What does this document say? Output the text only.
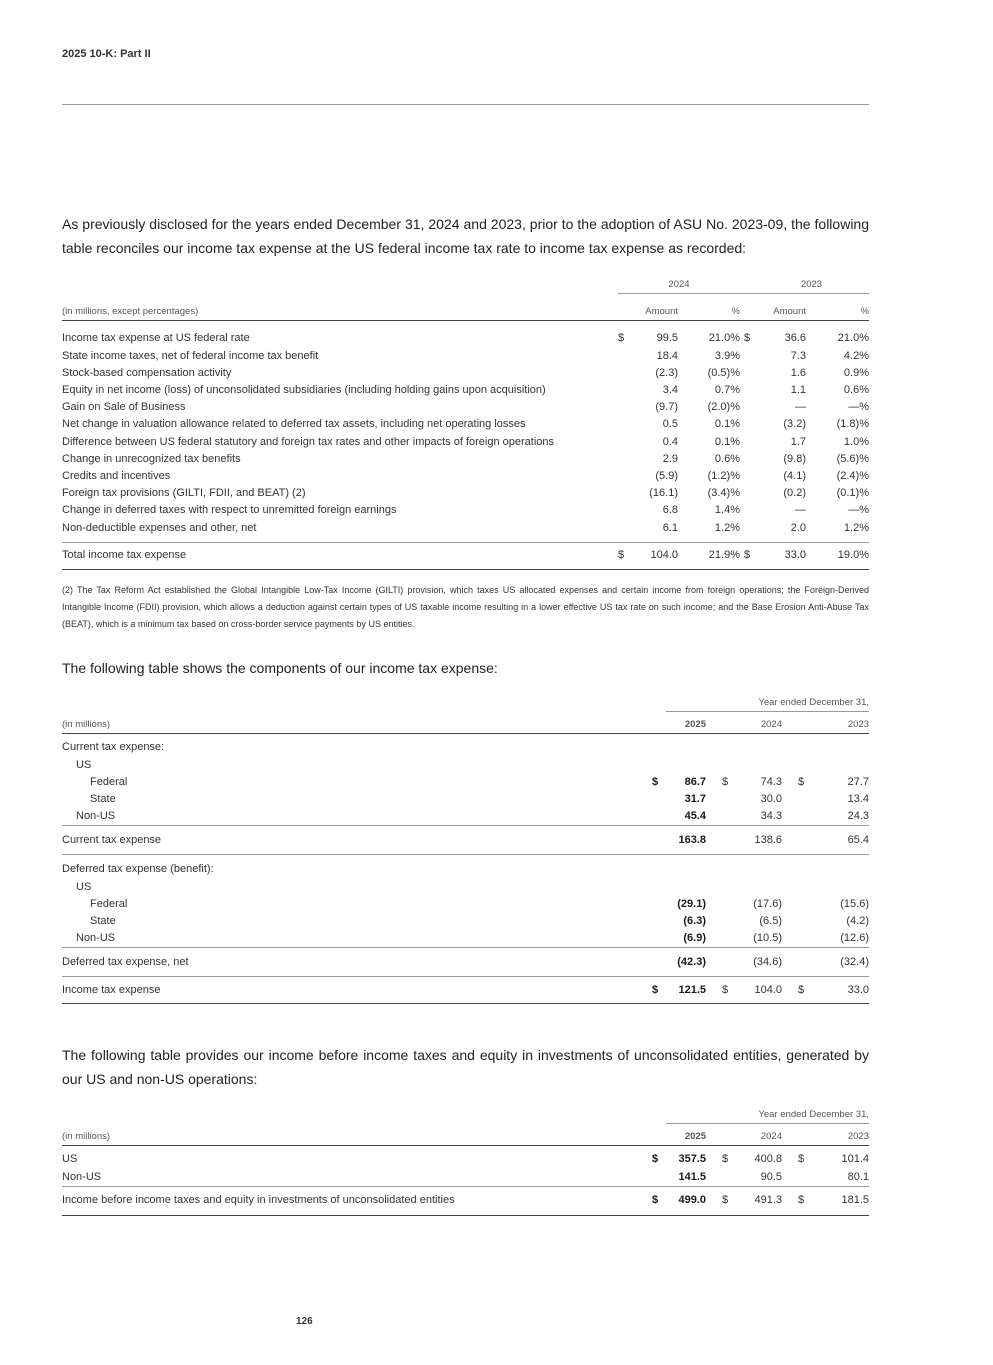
2025 10-K: Part II
As previously disclosed for the years ended December 31, 2024 and 2023, prior to the adoption of ASU No. 2023-09, the following table reconciles our income tax expense at the US federal income tax rate to income tax expense as recorded:
	2024			2023		

(in millions, except percentages)		Amount	%		Amount	%

Income tax expense at US federal rate	$	99.5	21.0%	$	36.6	21.0%
State income taxes, net of federal income tax benefit		18.4	3.9%		7.3	4.2%
Stock-based compensation activity		(2.3)	(0.5)%		1.6	0.9%
Equity in net income (loss) of unconsolidated subsidiaries (including holding gains upon acquisition)		3.4	0.7%		1.1	0.6%
Gain on Sale of Business		(9.7)	(2.0)%		—	—%
Net change in valuation allowance related to deferred tax assets, including net operating losses		0.5	0.1%		(3.2)	(1.8)%
Difference between US federal statutory and foreign tax rates and other impacts of foreign operations		0.4	0.1%		1.7	1.0%
Change in unrecognized tax benefits		2.9	0.6%		(9.8)	(5.6)%
Credits and incentives		(5.9)	(1.2)%		(4.1)	(2.4)%
Foreign tax provisions (GILTI, FDII, and BEAT) (2)		(16.1)	(3.4)%		(0.2)	(0.1)%
Change in deferred taxes with respect to unremitted foreign earnings		6.8	1.4%		—	—%
Non-deductible expenses and other, net		6.1	1.2%		2.0	1.2%

Total income tax expense	$	104.0	21.9%	$	33.0	19.0%
(2) The Tax Reform Act established the Global Intangible Low-Tax Income (GILTI) provision, which taxes US allocated expenses and certain income from foreign operations; the Foreign-Derived Intangible Income (FDII) provision, which allows a deduction against certain types of US taxable income resulting in a lower effective US tax rate on such income; and the Base Erosion Anti-Abuse Tax (BEAT), which is a minimum tax based on cross-border service payments by US entities.
The following table shows the components of our income tax expense:
		Year ended December 31,				

(in millions)		2025		2024		2023

Current tax expense:						
US						
Federal	$	86.7	$	74.3	$	27.7
State		31.7		30.0		13.4
Non-US		45.4		34.3		24.3
Current tax expense		163.8		138.6		65.4

Deferred tax expense (benefit):						
US						
Federal		(29.1)		(17.6)		(15.6)
State		(6.3)		(6.5)		(4.2)
Non-US		(6.9)		(10.5)		(12.6)
Deferred tax expense, net		(42.3)		(34.6)		(32.4)
Income tax expense	$	121.5	$	104.0	$	33.0
The following table provides our income before income taxes and equity in investments of unconsolidated entities, generated by our US and non-US operations:
		Year ended December 31,				

(in millions)		2025		2024		2023

US	$	357.5	$	400.8	$	101.4
Non-US		141.5		90.5		80.1
Income before income taxes and equity in investments of unconsolidated entities	$	499.0	$	491.3	$	181.5
126
